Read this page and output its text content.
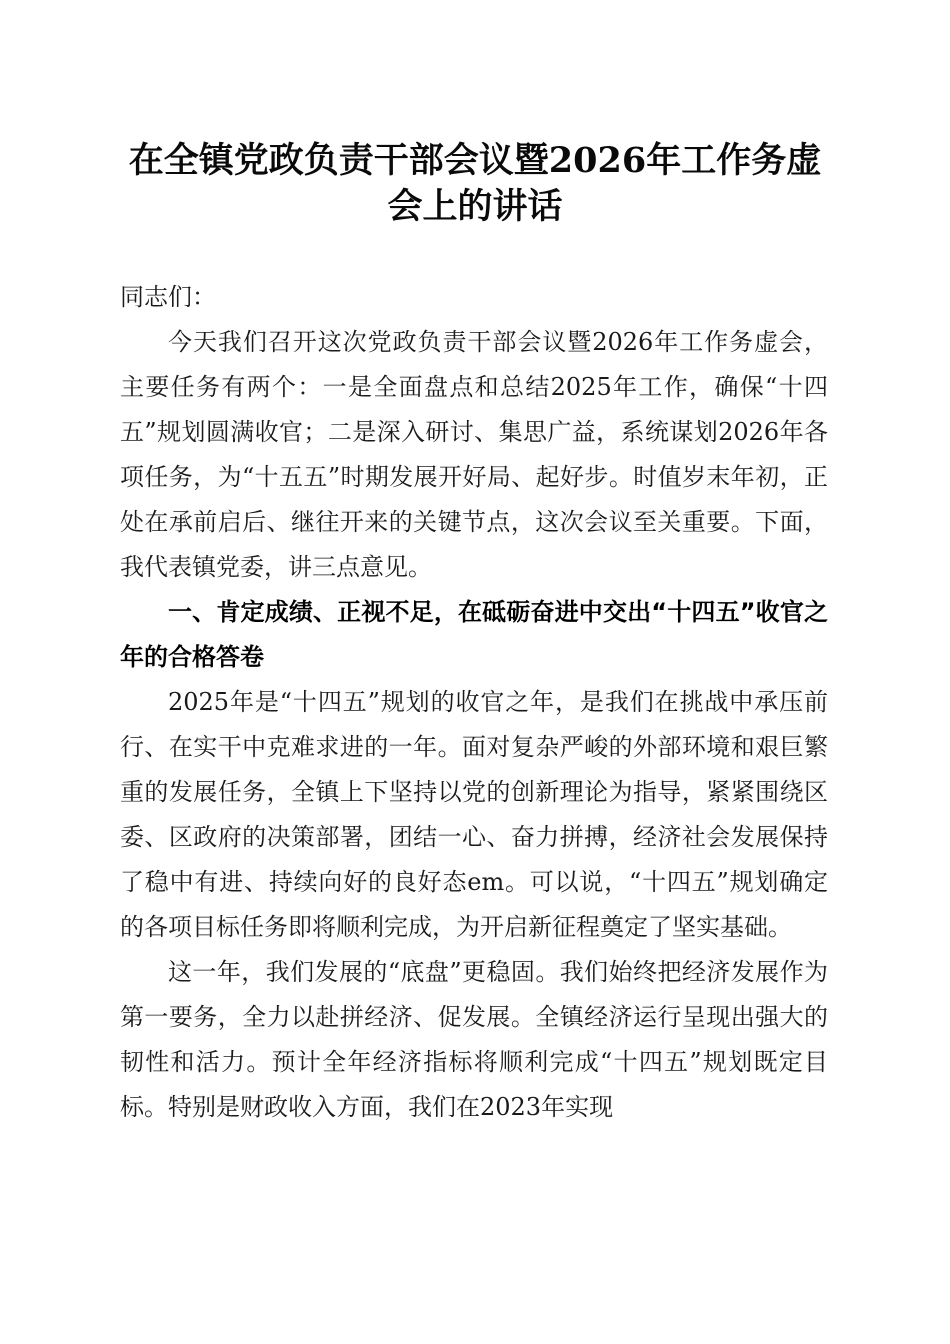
在全镇党政负责干部会议暨2026年工作务虚
会上的讲话

同志们：

今天我们召开这次党政负责干部会议暨2026年工作务虚会，主要任务有两个：一是全面盘点和总结2025年工作，确保“十四五”规划圆满收官；二是深入研讨、集思广益，系统谋划2026年各项任务，为“十五五”时期发展开好局、起好步。时值岁末年初，正处在承前启后、继往开来的关键节点，这次会议至关重要。下面，我代表镇党委，讲三点意见。

一、肯定成绩、正视不足，在砥砺奋进中交出“十四五”收官之年的合格答卷

2025年是“十四五”规划的收官之年，是我们在挑战中承压前行、在实干中克难求进的一年。面对复杂严峻的外部环境和艰巨繁重的发展任务，全镇上下坚持以党的创新理论为指导，紧紧围绕区委、区政府的决策部署，团结一心、奋力拼搏，经济社会发展保持了稳中有进、持续向好的良好态em。可以说，“十四五”规划确定的各项目标任务即将顺利完成，为开启新征程奠定了坚实基础。

这一年，我们发展的“底盘”更稳固。我们始终把经济发展作为第一要务，全力以赴拼经济、促发展。全镇经济运行呈现出强大的韧性和活力。预计全年经济指标将顺利完成“十四五”规划既定目标。特别是财政收入方面，我们在2023年实现
